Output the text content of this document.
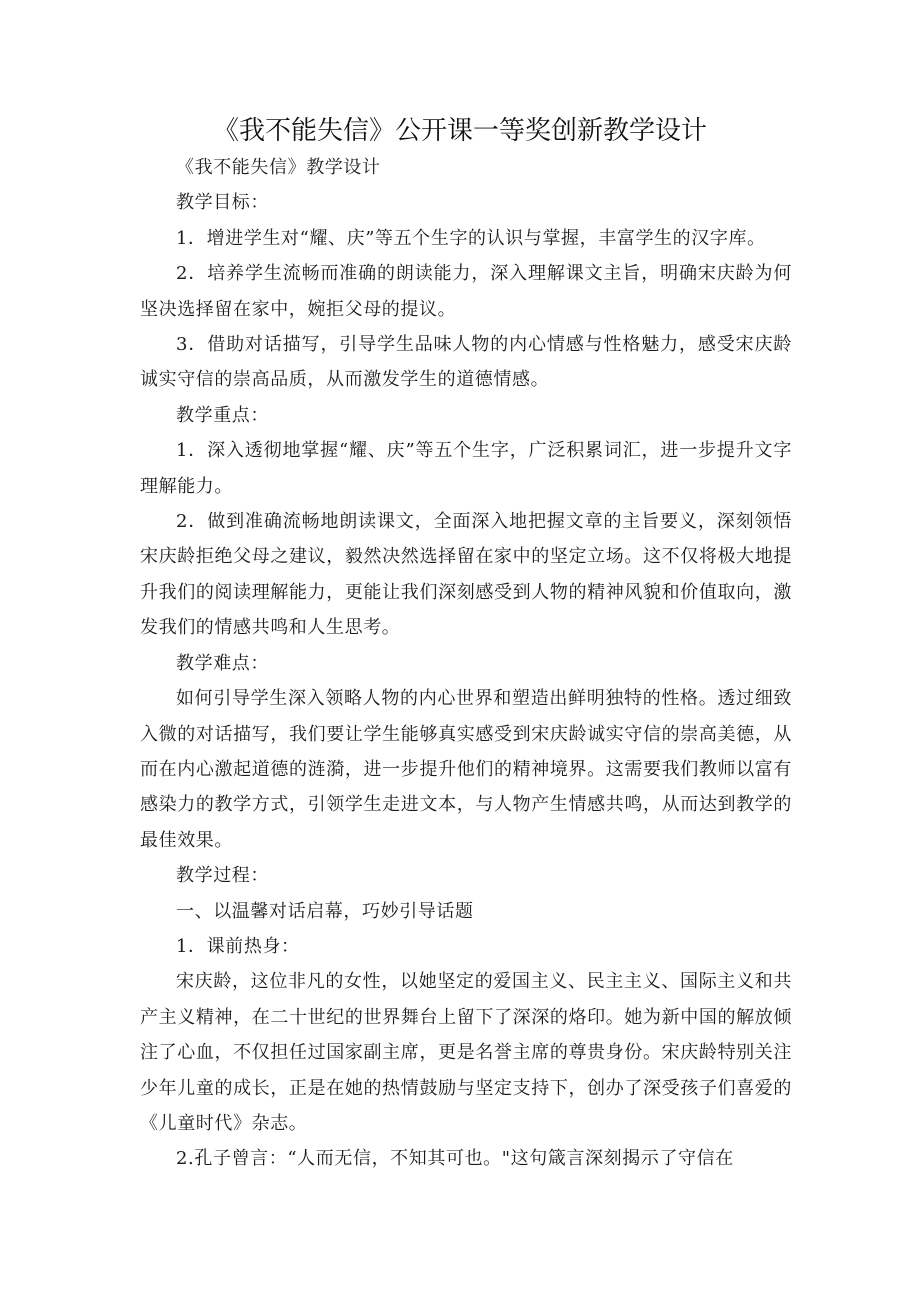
《我不能失信》公开课一等奖创新教学设计

《我不能失信》教学设计

教学目标：

1．增进学生对“耀、庆”等五个生字的认识与掌握，丰富学生的汉字库。

2．培养学生流畅而准确的朗读能力，深入理解课文主旨，明确宋庆龄为何坚决选择留在家中，婉拒父母的提议。

3．借助对话描写，引导学生品味人物的内心情感与性格魅力，感受宋庆龄诚实守信的崇高品质，从而激发学生的道德情感。

教学重点：

1．深入透彻地掌握“耀、庆”等五个生字，广泛积累词汇，进一步提升文字理解能力。

2．做到准确流畅地朗读课文，全面深入地把握文章的主旨要义，深刻领悟宋庆龄拒绝父母之建议，毅然决然选择留在家中的坚定立场。这不仅将极大地提升我们的阅读理解能力，更能让我们深刻感受到人物的精神风貌和价值取向，激发我们的情感共鸣和人生思考。

教学难点：

如何引导学生深入领略人物的内心世界和塑造出鲜明独特的性格。透过细致入微的对话描写，我们要让学生能够真实感受到宋庆龄诚实守信的崇高美德，从而在内心激起道德的涟漪，进一步提升他们的精神境界。这需要我们教师以富有感染力的教学方式，引领学生走进文本，与人物产生情感共鸣，从而达到教学的最佳效果。

教学过程：

一、以温馨对话启幕，巧妙引导话题

1．课前热身：

宋庆龄，这位非凡的女性，以她坚定的爱国主义、民主主义、国际主义和共产主义精神，在二十世纪的世界舞台上留下了深深的烙印。她为新中国的解放倾注了心血，不仅担任过国家副主席，更是名誉主席的尊贵身份。宋庆龄特别关注少年儿童的成长，正是在她的热情鼓励与坚定支持下，创办了深受孩子们喜爱的《儿童时代》杂志。

2.孔子曾言：“人而无信，不知其可也。"这句箴言深刻揭示了守信在
